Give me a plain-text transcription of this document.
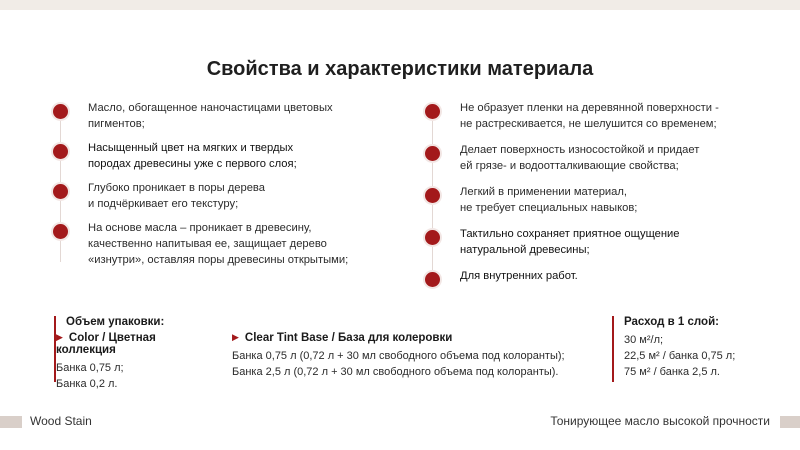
Свойства и характеристики материала

Масло, обогащенное наночастицами цветовых
пигментов;

Насыщенный цвет на мягких и твердых
породах древесины уже с первого слоя;

Глубоко проникает в поры дерева
и подчёркивает его текстуру;

На основе масла – проникает в древесину,
качественно напитывая ее, защищает дерево
«изнутри», оставляя поры древесины открытыми;

Не образует пленки на деревянной поверхности -
не растрескивается, не шелушится со временем;

Делает поверхность износостойкой и придает
ей грязе- и водоотталкивающие свойства;

Легкий в применении материал,
не требует специальных навыков;

Тактильно сохраняет приятное ощущение
натуральной древесины;

Для внутренних работ.

Объем упаковки:

▶ Color / Цветная коллекция

Банка 0,75 л;

Банка 0,2 л.

▶ Clear Tint Base / База для колеровки

Банка 0,75 л (0,72 л + 30 мл свободного объема под колоранты);

Банка 2,5 л (0,72 л + 30 мл свободного объема под колоранты).

Расход в 1 слой:

30 м²/л;

22,5 м² / банка 0,75 л;

75 м² / банка 2,5 л.

Wood Stain	Тонирующее масло высокой прочности
